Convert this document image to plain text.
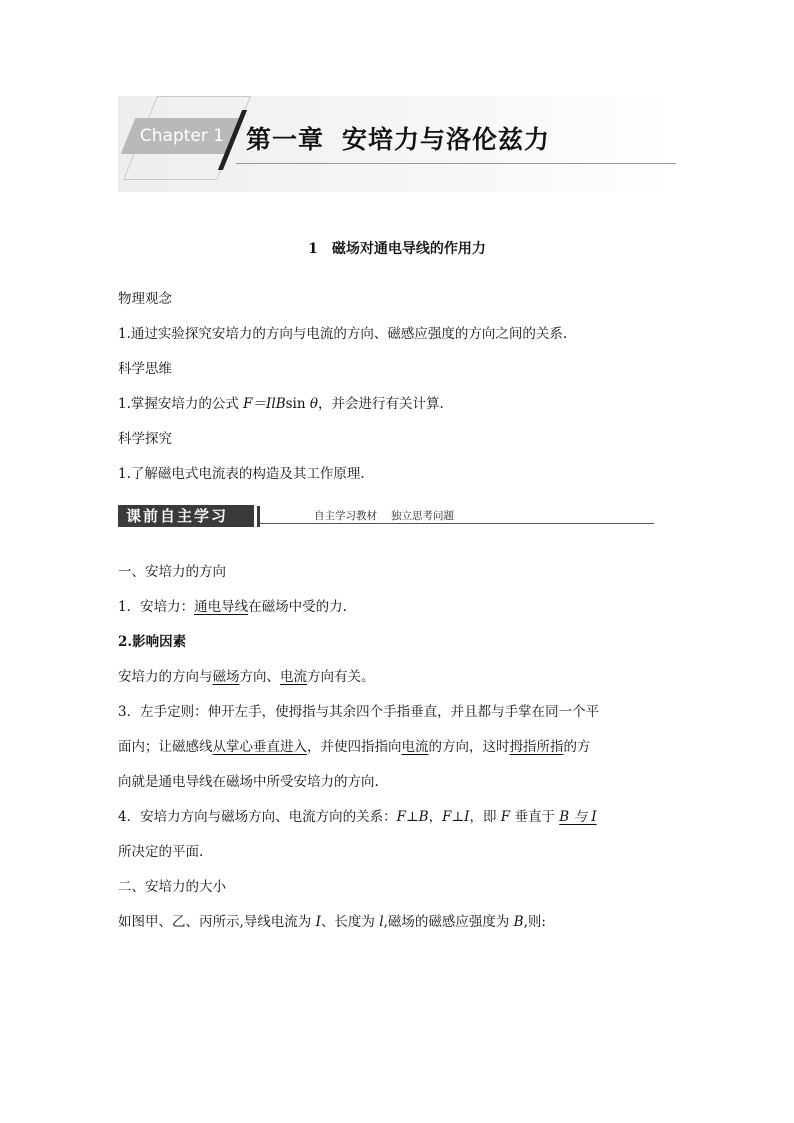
Chapter 1 第一章 安培力与洛伦兹力
1 磁场对通电导线的作用力
物理观念
1.通过实验探究安培力的方向与电流的方向、磁感应强度的方向之间的关系.
科学思维
1.掌握安培力的公式 F＝IlBsin θ，并会进行有关计算.
科学探究
1.了解磁电式电流表的构造及其工作原理.
课前自主学习	自主学习教材 独立思考问题
一、安培力的方向
1．安培力：通电导线在磁场中受的力.
2.影响因素
安培力的方向与磁场方向、电流方向有关。
3．左手定则：伸开左手，使拇指与其余四个手指垂直，并且都与手掌在同一个平
面内；让磁感线从掌心垂直进入，并使四指指向电流的方向，这时拇指所指的方
向就是通电导线在磁场中所受安培力的方向.
4．安培力方向与磁场方向、电流方向的关系：F⊥B，F⊥I，即 F 垂直于 B 与 I
所决定的平面.
二、安培力的大小
如图甲、乙、丙所示,导线电流为 I、长度为 l,磁场的磁感应强度为 B,则:
